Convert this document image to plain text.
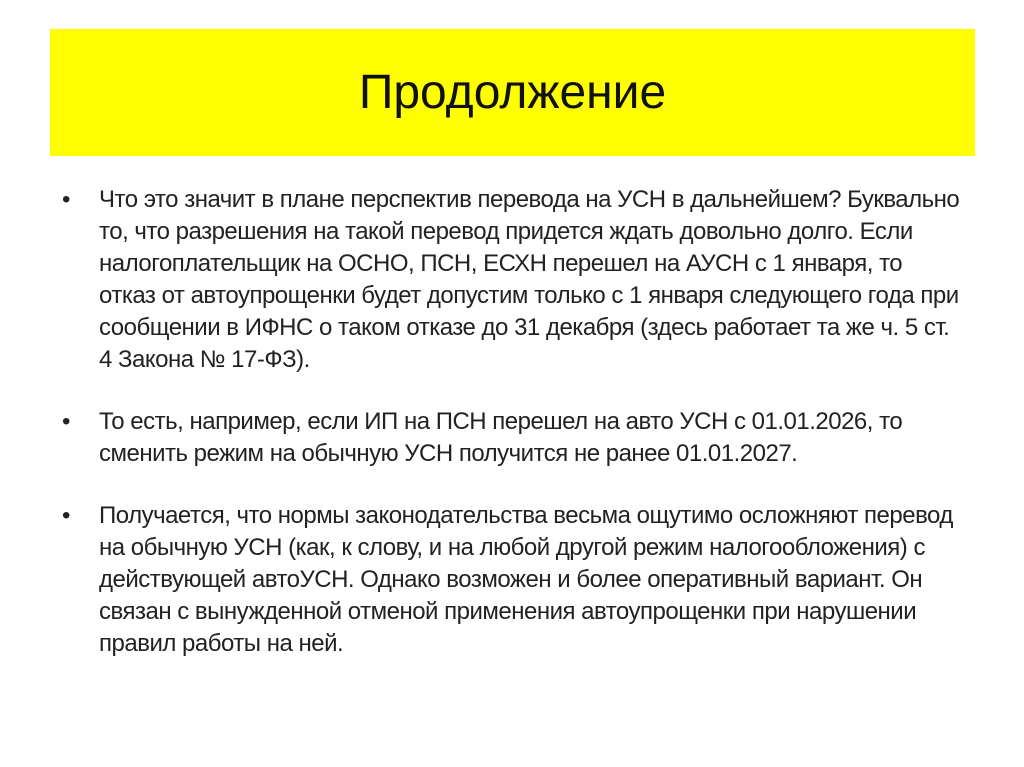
Продолжение
• Что это значит в плане перспектив перевода на УСН в дальнейшем? Буквально то, что разрешения на такой перевод придется ждать довольно долго. Если налогоплательщик на ОСНО, ПСН, ЕСХН перешел на АУСН с 1 января, то отказ от автоупрощенки будет допустим только с 1 января следующего года при сообщении в ИФНС о таком отказе до 31 декабря (здесь работает та же ч. 5 ст. 4 Закона № 17-ФЗ).
• То есть, например, если ИП на ПСН перешел на авто УСН с 01.01.2026, то сменить режим на обычную УСН получится не ранее 01.01.2027.
• Получается, что нормы законодательства весьма ощутимо осложняют перевод на обычную УСН (как, к слову, и на любой другой режим налогообложения) с действующей автоУСН. Однако возможен и более оперативный вариант. Он связан с вынужденной отменой применения автоупрощенки при нарушении правил работы на ней.
